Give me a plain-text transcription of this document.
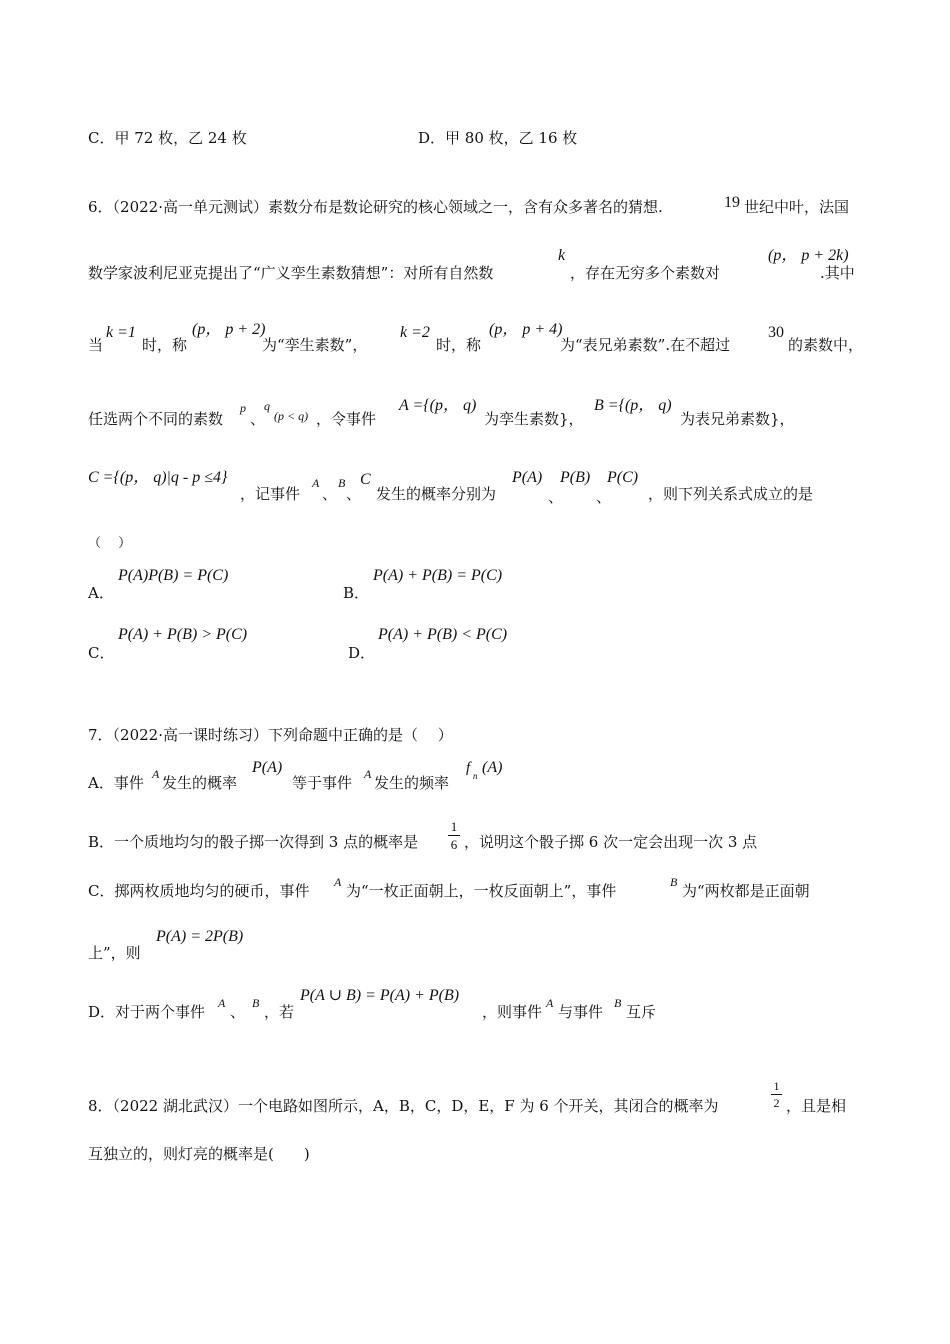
C．甲 72 枚，乙 24 枚	D．甲 80 枚，乙 16 枚
6．（2022·高一单元测试）素数分布是数论研究的核心领域之一，含有众多著名的猜想.	19 世纪中叶，法国
数学家波利尼亚克提出了“广义孪生素数猜想”：对所有自然数
k
，存在无穷多个素数对
(p， p + 2k)
.其中
当
k =1
时，称
(p， p + 2)
为“孪生素数”，
k =2
时，称
(p， p + 4)
为“表兄弟素数”.在不超过
30
的素数中，
任选两个不同的素数
p
、
q
(p < q) ，令事件
A ={(p， q)
为孪生素数}，
B ={(p， q)
为表兄弟素数}，
C ={(p， q)|q - p ≤4}
，记事件
A
、
B
、
C
发生的概率分别为
P(A) P(B) P(C)
、 、 ，则下列关系式成立的是
（　 ）
A．
P(A)P(B) = P(C)
B．
P(A) + P(B) = P(C)
C．
P(A) + P(B) > P(C)
D．
P(A) + P(B) < P(C)
7．（2022·高一课时练习）下列命题中正确的是（　 ）
A．事件 A 发生的概率
P(A)
等于事件 A 发生的频率
f n (A)
B．一个质地均匀的骰子掷一次得到 3 点的概率是
1
6 ，说明这个骰子掷 6 次一定会出现一次 3 点
C．掷两枚质地均匀的硬币，事件 A 为“一枚正面朝上，一枚反面朝上”，事件	B 为“两枚都是正面朝
上”，则
P(A) = 2P(B)
D．对于两个事件 A 、 B ，若
P(A ∪ B) = P(A) + P(B)
，则事件 A 与事件 B 互斥
8．（2022 湖北武汉）一个电路如图所示，A，B，C，D，E，F 为 6 个开关，其闭合的概率为
1
2 ，且是相
互独立的，则灯亮的概率是(　　)
